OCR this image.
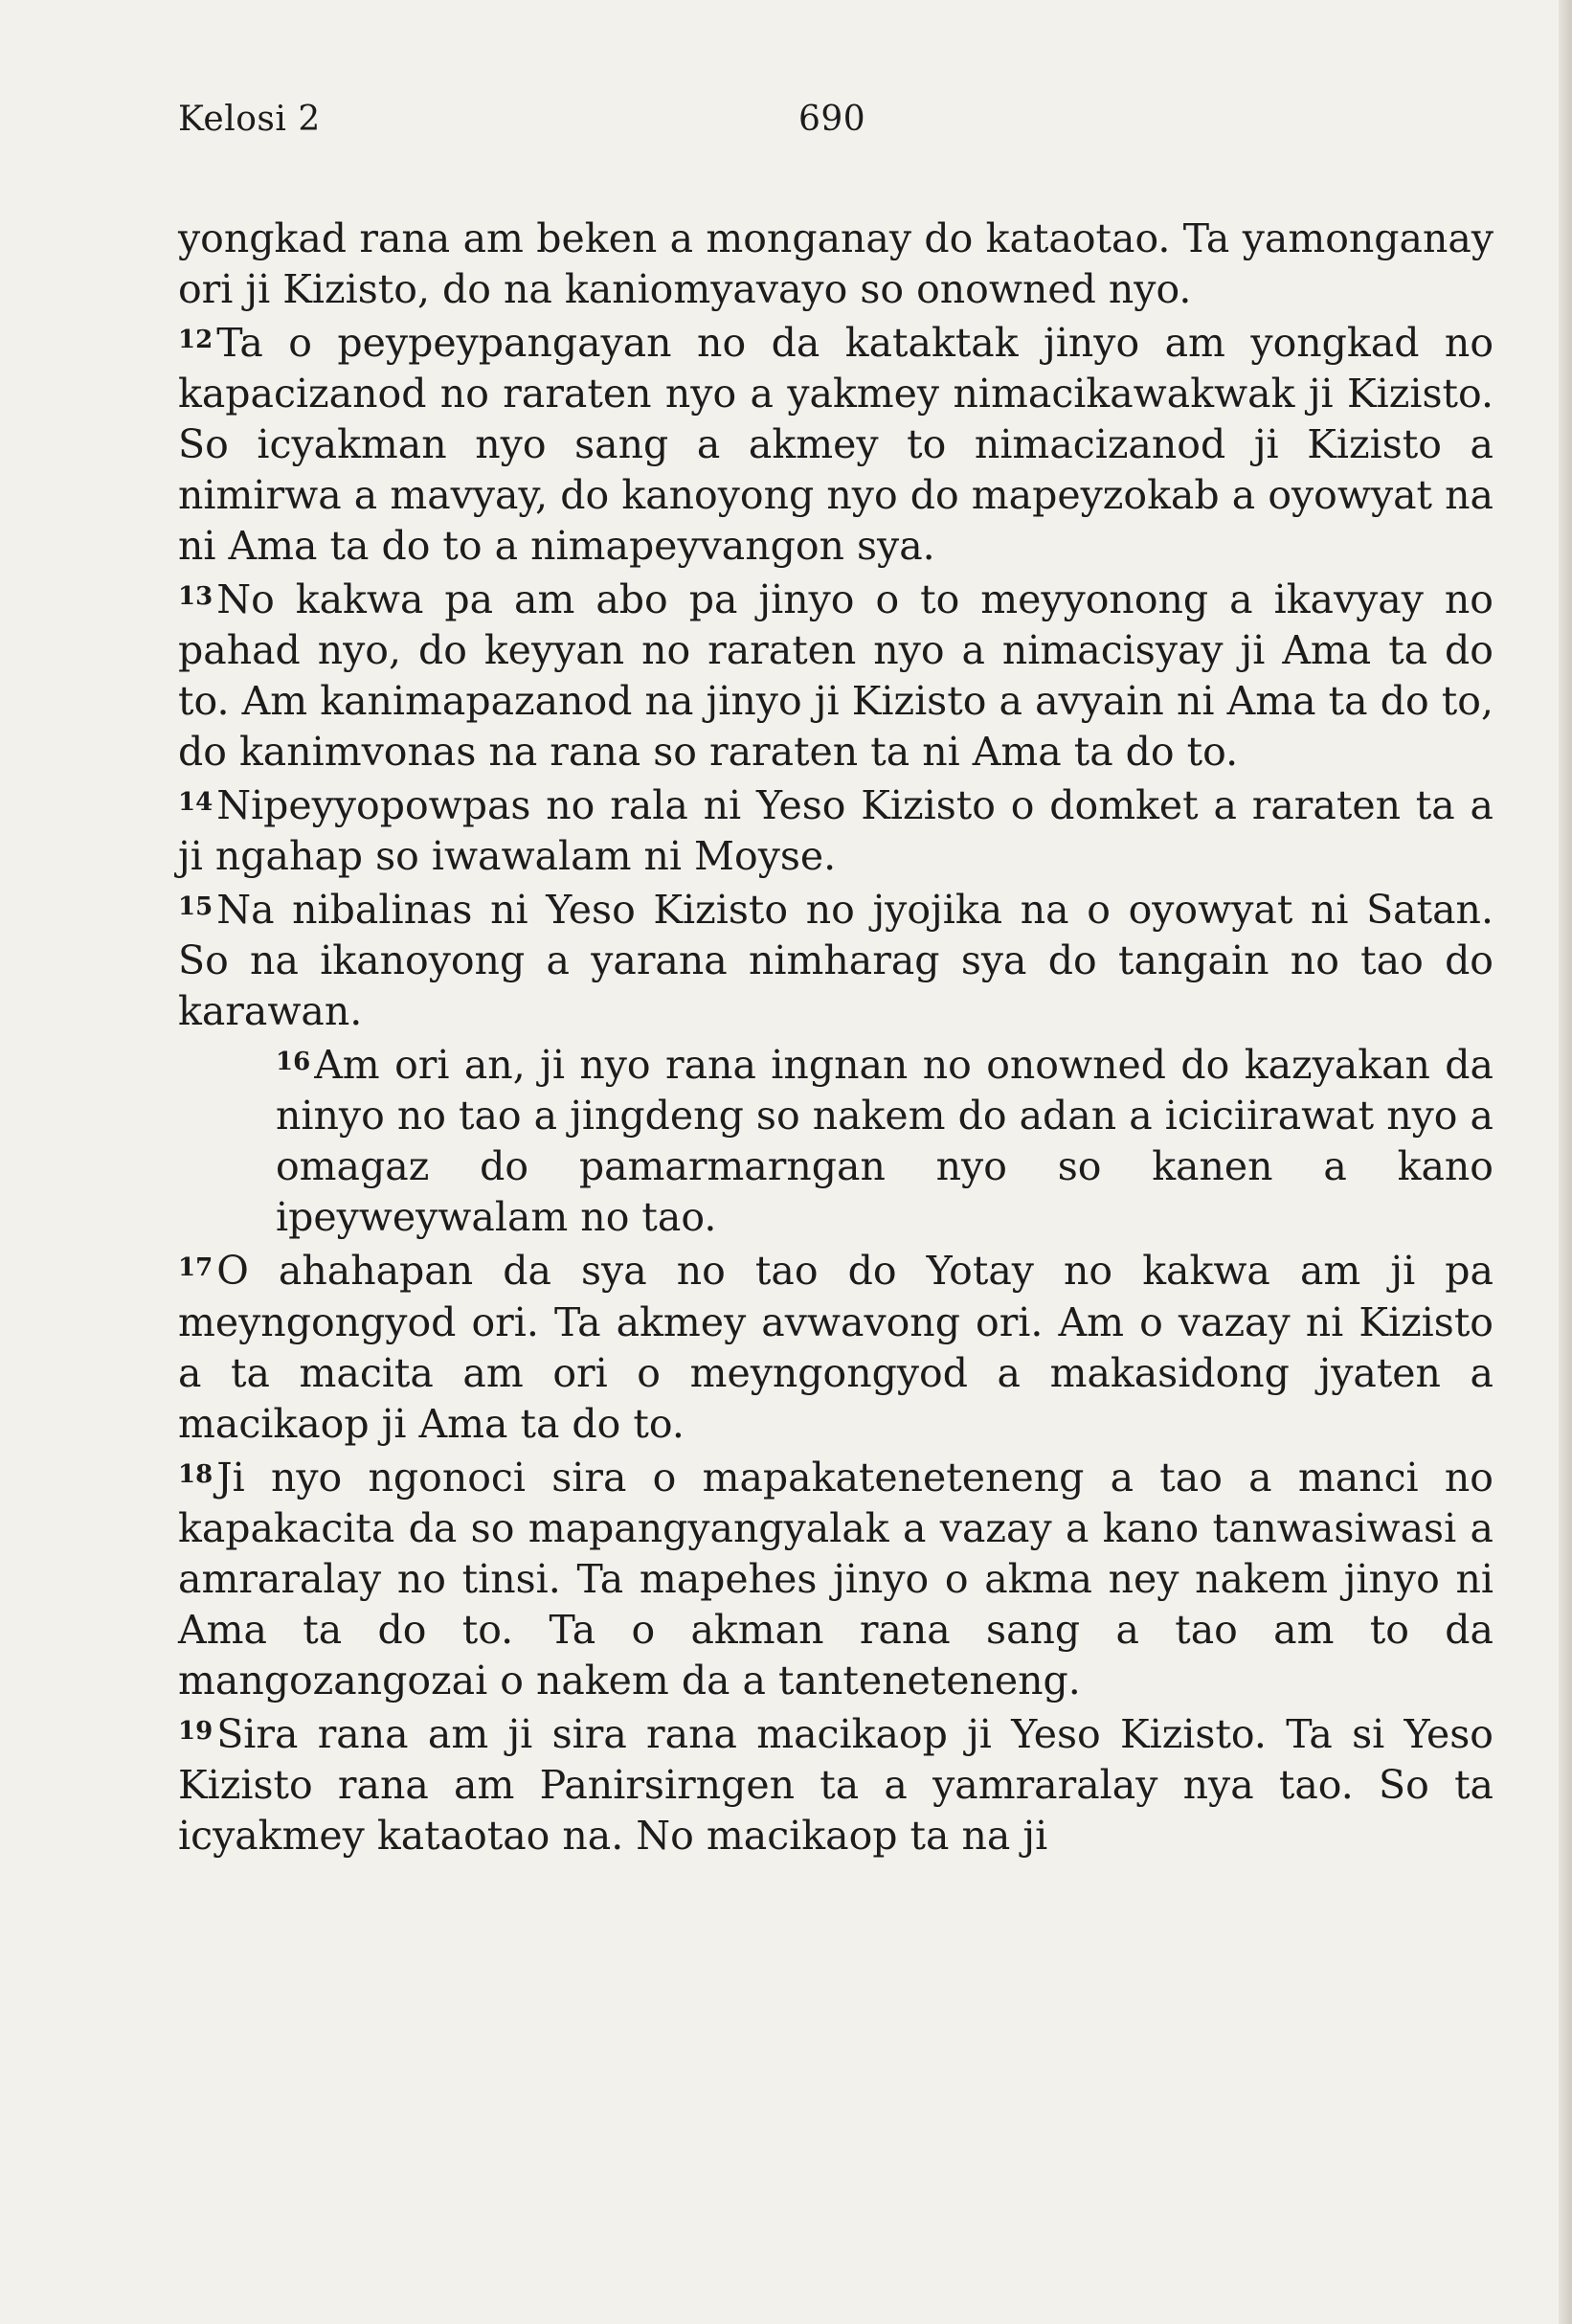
Kelosi 2	690

yongkad rana am beken a monganay do kataotao. Ta yamonganay ori ji Kizisto, do na kaniomyavayo so onowned nyo.

$^{12}$Ta o peypeypangayan no da kataktak jinyo am yongkad no kapacizanod no raraten nyo a yakmey nimacikawakwak ji Kizisto. So icyakman nyo sang a akmey to nimacizanod ji Kizisto a nimirwa a mavyay, do kanoyong nyo do mapeyzokab a oyowyat na ni Ama ta do to a nimapeyvangon sya.

$^{13}$No kakwa pa am abo pa jinyo o to meyyonong a ikavyay no pahad nyo, do keyyan no raraten nyo a nimacisyay ji Ama ta do to. Am kanimapazanod na jinyo ji Kizisto a avyain ni Ama ta do to, do kanimvonas na rana so raraten ta ni Ama ta do to.

$^{14}$Nipeyyopowpas no rala ni Yeso Kizisto o domket a raraten ta a ji ngahap so iwawalam ni Moyse.

$^{15}$Na nibalinas ni Yeso Kizisto no jyojika na o oyowyat ni Satan. So na ikanoyong a yarana nimharag sya do tangain no tao do karawan.

$^{16}$Am ori an, ji nyo rana ingnan no onowned do kazyakan da ninyo no tao a jingdeng so nakem do adan a iciciirawat nyo a omagaz do pamarmarngan nyo so kanen a kano ipeyweywalam no tao.

$^{17}$O ahahapan da sya no tao do Yotay no kakwa am ji pa meyngongyod ori. Ta akmey avwavong ori. Am o vazay ni Kizisto a ta macita am ori o meyngongyod a makasidong jyaten a macikaop ji Ama ta do to.

$^{18}$Ji nyo ngonoci sira o mapakateneteneng a tao a manci no kapakacita da so mapangyangyalak a vazay a kano tanwasiwasi a amraralay no tinsi. Ta mapehes jinyo o akma ney nakem jinyo ni Ama ta do to. Ta o akman rana sang a tao am to da mangozangozai o nakem da a tanteneteneng.

$^{19}$Sira rana am ji sira rana macikaop ji Yeso Kizisto. Ta si Yeso Kizisto rana am Panirsirngen ta a yamraralay nya tao. So ta icyakmey kataotao na. No macikaop ta na ji
